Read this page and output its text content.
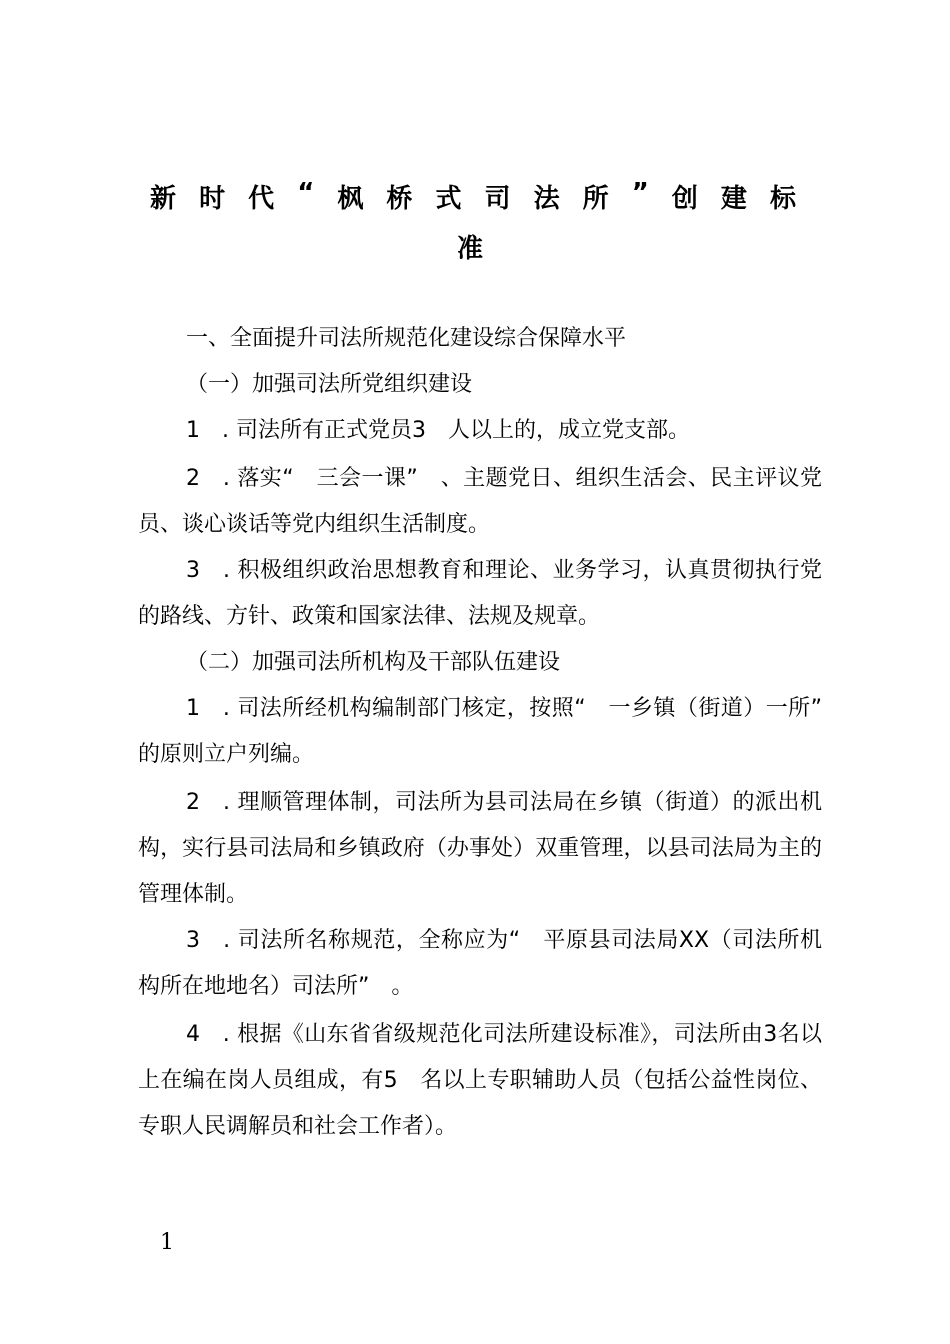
新 时 代 “ 枫 桥 式 司 法 所 ” 创 建 标
准

一、全面提升司法所规范化建设综合保障水平

（一）加强司法所党组织建设

1　. 司法所有正式党员3　人以上的，成立党支部。

2　. 落实“　三会一课”　、主题党日、组织生活会、民主评议党员、谈心谈话等党内组织生活制度。

3　. 积极组织政治思想教育和理论、业务学习，认真贯彻执行党的路线、方针、政策和国家法律、法规及规章。

（二）加强司法所机构及干部队伍建设

1　. 司法所经机构编制部门核定，按照“　一乡镇（街道）一所”　的原则立户列编。

2　. 理顺管理体制，司法所为县司法局在乡镇（街道）的派出机构，实行县司法局和乡镇政府（办事处）双重管理，以县司法局为主的管理体制。

3　. 司法所名称规范，全称应为“　平原县司法局XX（司法所机构所在地地名）司法所”　。

4　. 根据《山东省省级规范化司法所建设标准》，司法所由3名以上在编在岗人员组成，有5　名以上专职辅助人员（包括公益性岗位、专职人民调解员和社会工作者）。

1
